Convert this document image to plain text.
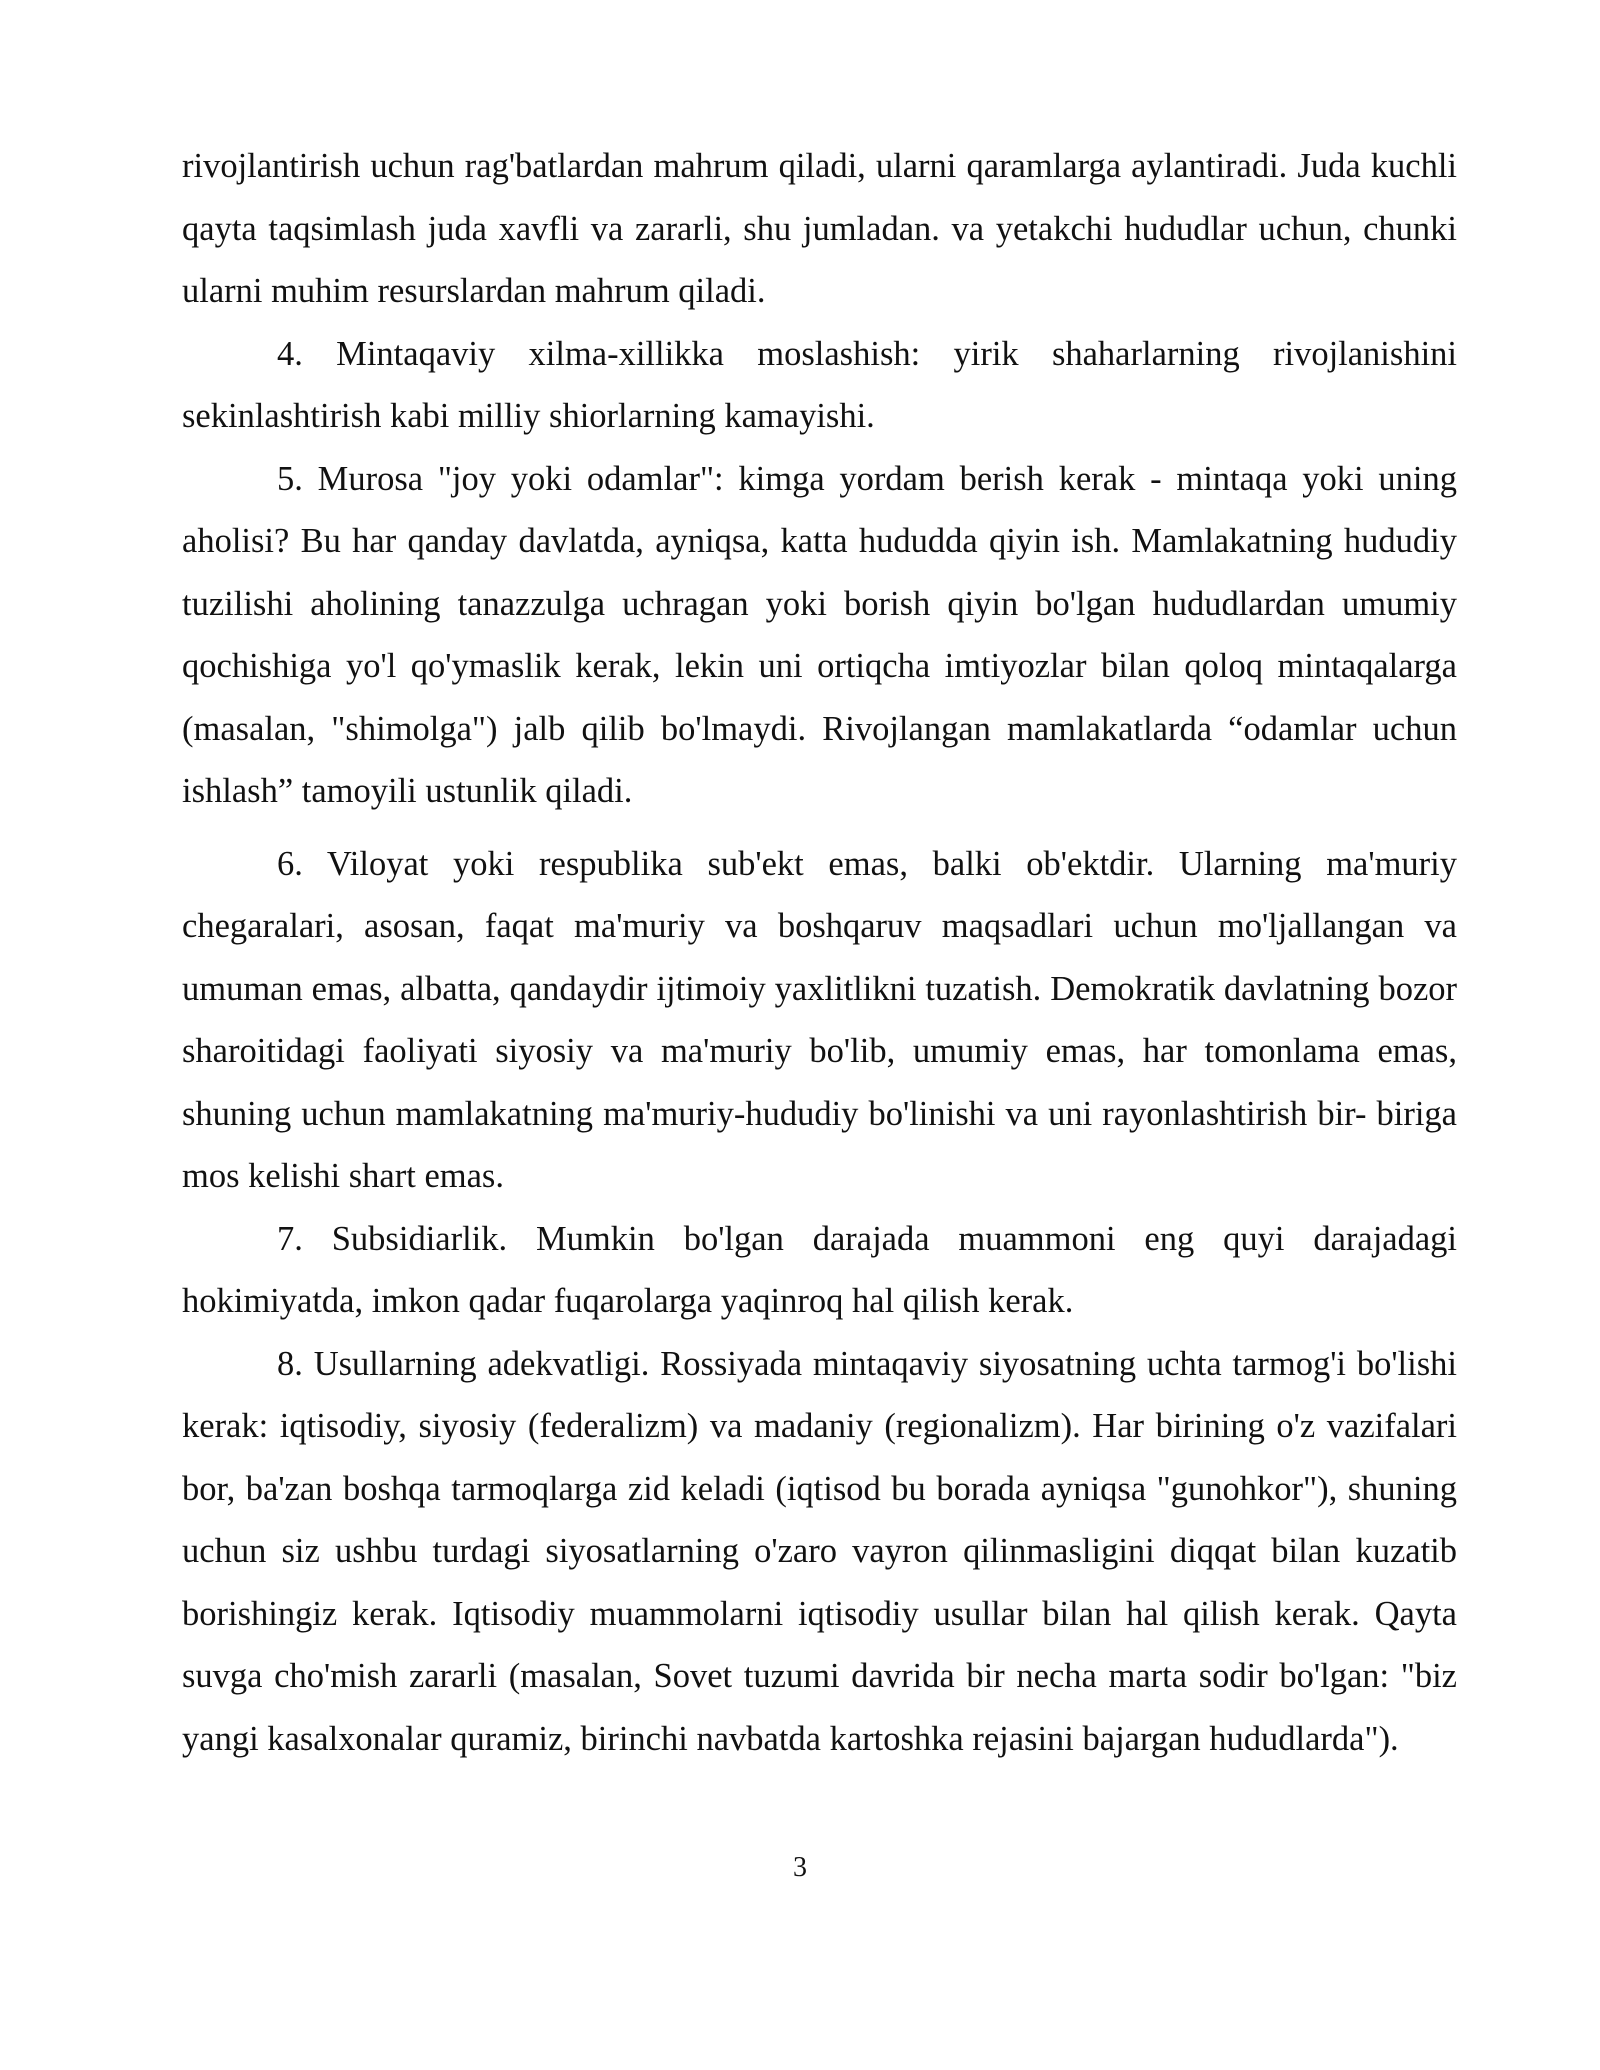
rivojlantirish uchun rag'batlardan mahrum qiladi, ularni qaramlarga aylantiradi. Juda kuchli qayta taqsimlash juda xavfli va zararli, shu jumladan. va yetakchi hududlar uchun, chunki ularni muhim resurslardan mahrum qiladi.

4. Mintaqaviy xilma-xillikka moslashish: yirik shaharlarning rivojlanishini sekinlashtirish kabi milliy shiorlarning kamayishi.

5. Murosa "joy yoki odamlar": kimga yordam berish kerak - mintaqa yoki uning aholisi? Bu har qanday davlatda, ayniqsa, katta hududda qiyin ish. Mamlakatning hududiy tuzilishi aholining tanazzulga uchragan yoki borish qiyin bo'lgan hududlardan umumiy qochishiga yo'l qo'ymaslik kerak, lekin uni ortiqcha imtiyozlar bilan qoloq mintaqalarga (masalan, "shimolga") jalb qilib bo'lmaydi. Rivojlangan mamlakatlarda “odamlar uchun ishlash” tamoyili ustunlik qiladi.

6. Viloyat yoki respublika sub'ekt emas, balki ob'ektdir. Ularning ma'muriy chegaralari, asosan, faqat ma'muriy va boshqaruv maqsadlari uchun mo'ljallangan va umuman emas, albatta, qandaydir ijtimoiy yaxlitlikni tuzatish. Demokratik davlatning bozor sharoitidagi faoliyati siyosiy va ma'muriy bo'lib, umumiy emas, har tomonlama emas, shuning uchun mamlakatning ma'muriy-hududiy bo'linishi va uni rayonlashtirish bir- biriga mos kelishi shart emas.

7. Subsidiarlik. Mumkin bo'lgan darajada muammoni eng quyi darajadagi hokimiyatda, imkon qadar fuqarolarga yaqinroq hal qilish kerak.

8. Usullarning adekvatligi. Rossiyada mintaqaviy siyosatning uchta tarmog'i bo'lishi kerak: iqtisodiy, siyosiy (federalizm) va madaniy (regionalizm). Har birining o'z vazifalari bor, ba'zan boshqa tarmoqlarga zid keladi (iqtisod bu borada ayniqsa "gunohkor"), shuning uchun siz ushbu turdagi siyosatlarning o'zaro vayron qilinmasligini diqqat bilan kuzatib borishingiz kerak. Iqtisodiy muammolarni iqtisodiy usullar bilan hal qilish kerak. Qayta suvga cho'mish zararli (masalan, Sovet tuzumi davrida bir necha marta sodir bo'lgan: "biz yangi kasalxonalar quramiz, birinchi navbatda kartoshka rejasini bajargan hududlarda").

3
